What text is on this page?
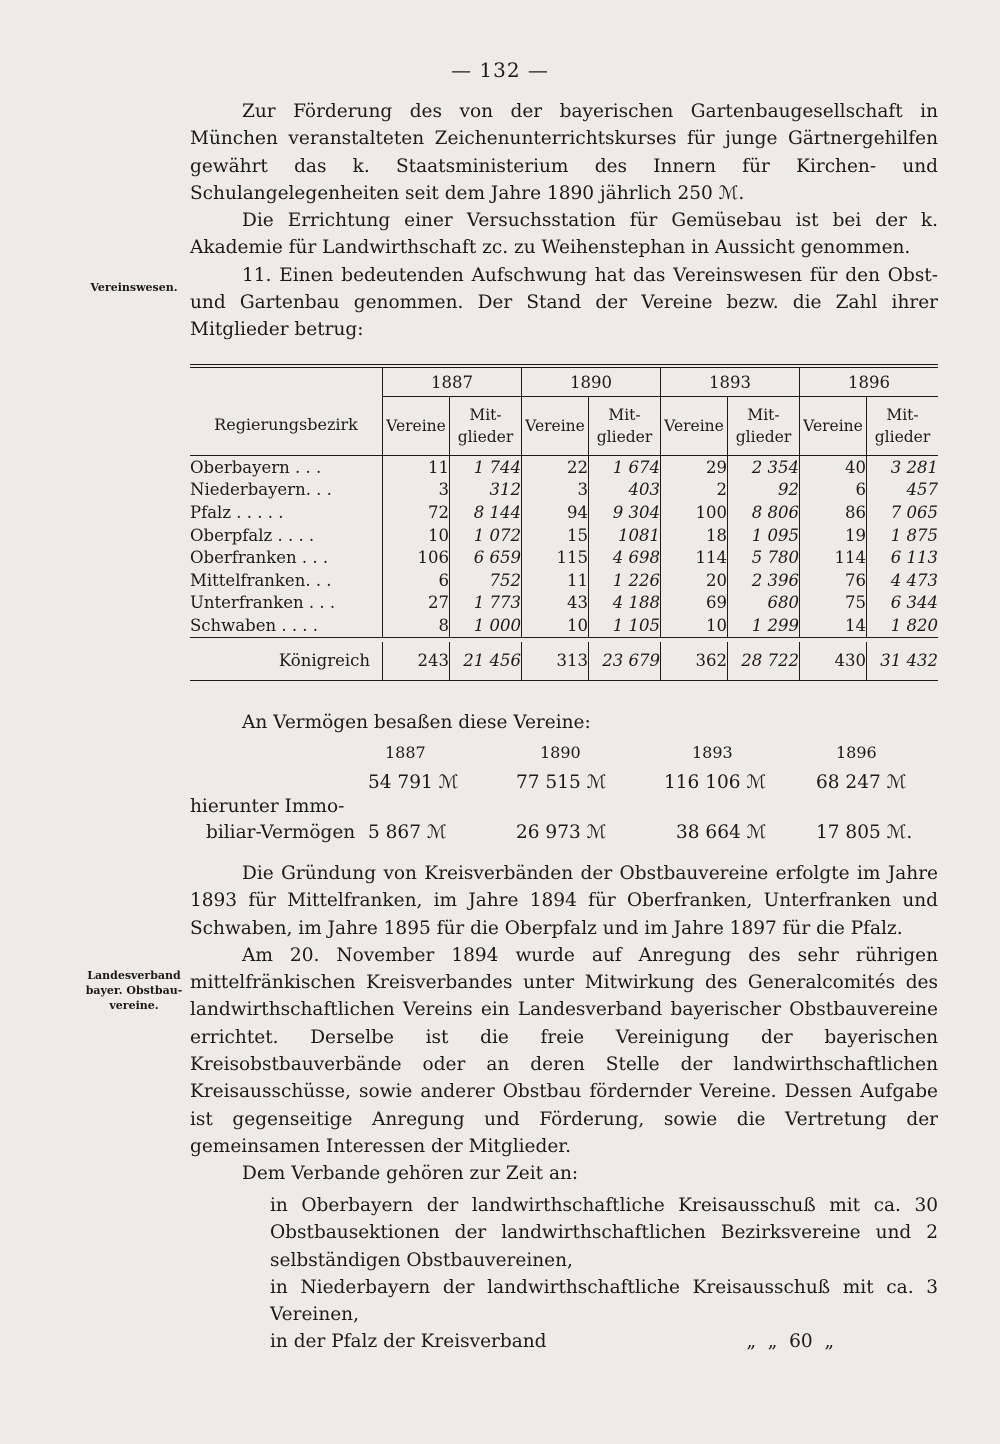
— 132 —

Zur Förderung des von der bayerischen Gartenbaugesellschaft in München veranstalteten Zeichenunterrichtskurses für junge Gärtnergehilfen gewährt das k. Staatsministerium des Innern für Kirchen- und Schulangelegenheiten seit dem Jahre 1890 jährlich 250 ℳ.

Die Errichtung einer Versuchsstation für Gemüsebau ist bei der k. Akademie für Landwirthschaft zc. zu Weihenstephan in Aussicht genommen.

11. Einen bedeutenden Aufschwung hat das Vereinswesen für den Obst- und Gartenbau genommen. Der Stand der Vereine bezw. die Zahl ihrer Mitglieder betrug:

Vereinswesen.
Regierungsbezirk	1887		1890		1893		1896	
	Vereine	Mit-glieder	Vereine	Mit-glieder	Vereine	Mit-glieder	Vereine	Mit-glieder
Oberbayern . . .	11	1 744	22	1 674	29	2 354	40	3 281
Niederbayern. . .	3	312	3	403	2	92	6	457
Pfalz . . . . .	72	8 144	94	9 304	100	8 806	86	7 065
Oberpfalz . . . .	10	1 072	15	1081	18	1 095	19	1 875
Oberfranken . . .	106	6 659	115	4 698	114	5 780	114	6 113
Mittelfranken. . .	6	752	11	1 226	20	2 396	76	4 473
Unterfranken . . .	27	1 773	43	4 188	69	680	75	6 344
Schwaben . . . .	8	1 000	10	1 105	10	1 299	14	1 820

Königreich	243	21 456	313	23 679	362	28 722	430	31 432

An Vermögen besaßen diese Vereine:
1887	1890	1893	1896
54 791 ℳ	77 515 ℳ	116 106 ℳ	68 247 ℳ
hierunter Immo-
biliar-Vermögen 5 867 ℳ	26 973 ℳ	38 664 ℳ	17 805 ℳ.

Die Gründung von Kreisverbänden der Obstbauvereine erfolgte im Jahre 1893 für Mittelfranken, im Jahre 1894 für Oberfranken, Unterfranken und Schwaben, im Jahre 1895 für die Oberpfalz und im Jahre 1897 für die Pfalz.

Am 20. November 1894 wurde auf Anregung des sehr rührigen mittelfränkischen Kreisverbandes unter Mitwirkung des Generalcomités des landwirthschaftlichen Vereins ein Landesverband bayerischer Obstbauvereine errichtet. Derselbe ist die freie Vereinigung der bayerischen Kreisobstbauverbände oder an deren Stelle der landwirthschaftlichen Kreisausschüsse, sowie anderer Obstbau fördernder Vereine. Dessen Aufgabe ist gegenseitige Anregung und Förderung, sowie die Vertretung der gemeinsamen Interessen der Mitglieder.

Dem Verbande gehören zur Zeit an:

Landesverband bayer. Obstbau-vereine.

in Oberbayern der landwirthschaftliche Kreisausschuß mit ca. 30 Obstbausektionen der landwirthschaftlichen Bezirksvereine und 2 selbständigen Obstbauvereinen,

in Niederbayern der landwirthschaftliche Kreisausschuß mit ca. 3 Vereinen,

in der Pfalz der Kreisverband                                  „  „  60  „
